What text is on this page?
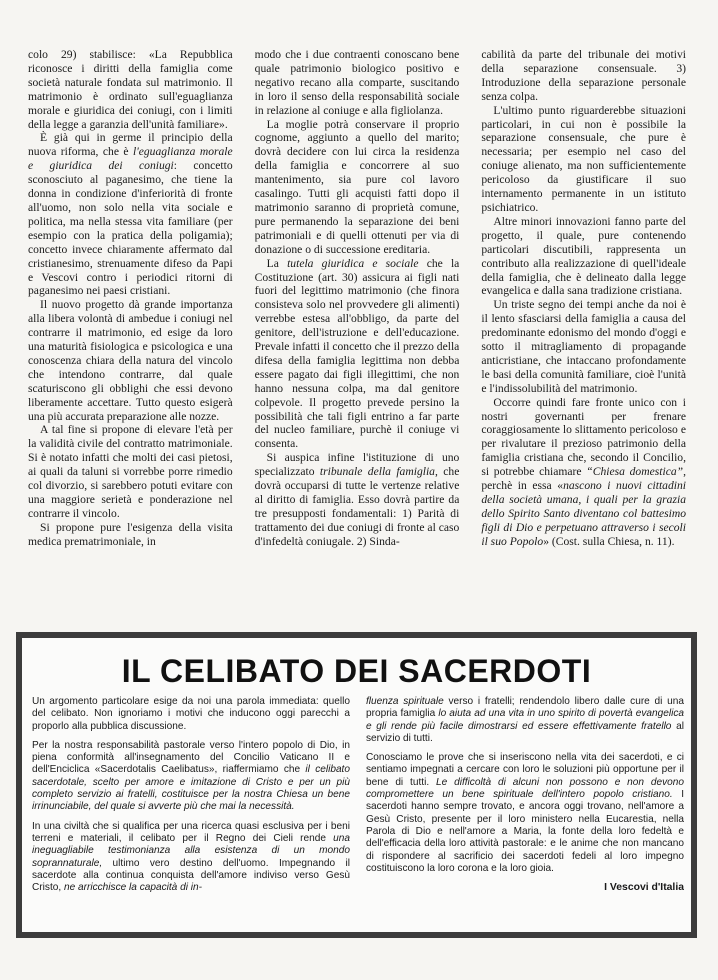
colo 29) stabilisce: «La Repubblica riconosce i diritti della famiglia come società naturale fondata sul matrimonio. Il matrimonio è ordinato sull'eguaglianza morale e giuridica dei coniugi, con i limiti della legge a garanzia dell'unità familiare».

È già qui in germe il principio della nuova riforma, che è l'eguaglianza morale e giuridica dei coniugi: concetto sconosciuto al paganesimo, che tiene la donna in condizione d'inferiorità di fronte all'uomo, non solo nella vita sociale e politica, ma nella stessa vita familiare (per esempio con la pratica della poligamia); concetto invece chiaramente affermato dal cristianesimo, strenuamente difeso da Papi e Vescovi contro i periodici ritorni di paganesimo nei paesi cristiani.

Il nuovo progetto dà grande importanza alla libera volontà di ambedue i coniugi nel contrarre il matrimonio, ed esige da loro una maturità fisiologica e psicologica e una conoscenza chiara della natura del vincolo che intendono contrarre, dal quale scaturiscono gli obblighi che essi devono liberamente accettare. Tutto questo esigerà una più accurata preparazione alle nozze.

A tal fine si propone di elevare l'età per la validità civile del contratto matrimoniale. Si è notato infatti che molti dei casi pietosi, ai quali da taluni si vorrebbe porre rimedio col divorzio, si sarebbero potuti evitare con una maggiore serietà e ponderazione nel contrarre il vincolo.

Si propone pure l'esigenza della visita medica prematrimoniale, in

modo che i due contraenti conoscano bene quale patrimonio biologico positivo e negativo recano alla comparte, suscitando in loro il senso della responsabilità sociale in relazione al coniuge e alla figliolanza.

La moglie potrà conservare il proprio cognome, aggiunto a quello del marito; dovrà decidere con lui circa la residenza della famiglia e concorrere al suo mantenimento, sia pure col lavoro casalingo. Tutti gli acquisti fatti dopo il matrimonio saranno di proprietà comune, pure permanendo la separazione dei beni patrimoniali e di quelli ottenuti per via di donazione o di successione ereditaria.

La tutela giuridica e sociale che la Costituzione (art. 30) assicura ai figli nati fuori del legittimo matrimonio (che finora consisteva solo nel provvedere gli alimenti) verrebbe estesa all'obbligo, da parte del genitore, dell'istruzione e dell'educazione. Prevale infatti il concetto che il prezzo della difesa della famiglia legittima non debba essere pagato dai figli illegittimi, che non hanno nessuna colpa, ma dal genitore colpevole. Il progetto prevede persino la possibilità che tali figli entrino a far parte del nucleo familiare, purchè il coniuge vi consenta.

Si auspica infine l'istituzione di uno specializzato tribunale della famiglia, che dovrà occuparsi di tutte le vertenze relative al diritto di famiglia. Esso dovrà partire da tre presupposti fondamentali: 1) Parità di trattamento dei due coniugi di fronte al caso d'infedeltà coniugale. 2) Sinda-

cabilità da parte del tribunale dei motivi della separazione consensuale. 3) Introduzione della separazione personale senza colpa.

L'ultimo punto riguarderebbe situazioni particolari, in cui non è possibile la separazione consensuale, che pure è necessaria; per esempio nel caso del coniuge alienato, ma non sufficientemente pericoloso da giustificare il suo internamento permanente in un istituto psichiatrico.

Altre minori innovazioni fanno parte del progetto, il quale, pure contenendo particolari discutibili, rappresenta un contributo alla realizzazione di quell'ideale della famiglia, che è delineato dalla legge evangelica e dalla sana tradizione cristiana.

Un triste segno dei tempi anche da noi è il lento sfasciarsi della famiglia a causa del predominante edonismo del mondo d'oggi e sotto il mitragliamento di propagande anticristiane, che intaccano profondamente le basi della comunità familiare, cioè l'unità e l'indissolubilità del matrimonio.

Occorre quindi fare fronte unico con i nostri governanti per frenare coraggiosamente lo slittamento pericoloso e per rivalutare il prezioso patrimonio della famiglia cristiana che, secondo il Concilio, si potrebbe chiamare “Chiesa domestica”, perchè in essa «nascono i nuovi cittadini della società umana, i quali per la grazia dello Spirito Santo diventano col battesimo figli di Dio e perpetuano attraverso i secoli il suo Popolo» (Cost. sulla Chiesa, n. 11).

IL CELIBATO DEI SACERDOTI

Un argomento particolare esige da noi una parola immediata: quello del celibato. Non ignoriamo i motivi che inducono oggi parecchi a proporlo alla pubblica discussione.

Per la nostra responsabilità pastorale verso l'intero popolo di Dio, in piena conformità all'insegnamento del Concilio Vaticano II e dell'Enciclica «Sacerdotalis Caelibatus», riaffermiamo che il celibato sacerdotale, scelto per amore e imitazione di Cristo e per un più completo servizio ai fratelli, costituisce per la nostra Chiesa un bene irrinunciabile, del quale si avverte più che mai la necessità.

In una civiltà che si qualifica per una ricerca quasi esclusiva per i beni terreni e materiali, il celibato per il Regno dei Cieli rende una ineguagliabile testimonianza alla esistenza di un mondo soprannaturale, ultimo vero destino dell'uomo. Impegnando il sacerdote alla continua conquista dell'amore indiviso verso Gesù Cristo, ne arricchisce la capacità di in-

fluenza spirituale verso i fratelli; rendendolo libero dalle cure di una propria famiglia lo aiuta ad una vita in uno spirito di povertà evangelica e gli rende più facile dimostrarsi ed essere effettivamente fratello al servizio di tutti.

Conosciamo le prove che si inseriscono nella vita dei sacerdoti, e ci sentiamo impegnati a cercare con loro le soluzioni più opportune per il bene di tutti. Le difficoltà di alcuni non possono e non devono compromettere un bene spirituale dell'intero popolo cristiano. I sacerdoti hanno sempre trovato, e ancora oggi trovano, nell'amore a Gesù Cristo, presente per il loro ministero nella Eucarestia, nella Parola di Dio e nell'amore a Maria, la fonte della loro fedeltà e dell'efficacia della loro attività pastorale: e le anime che non mancano di rispondere al sacrificio dei sacerdoti fedeli al loro impegno costituiscono la loro corona e la loro gioia.

I Vescovi d'Italia
